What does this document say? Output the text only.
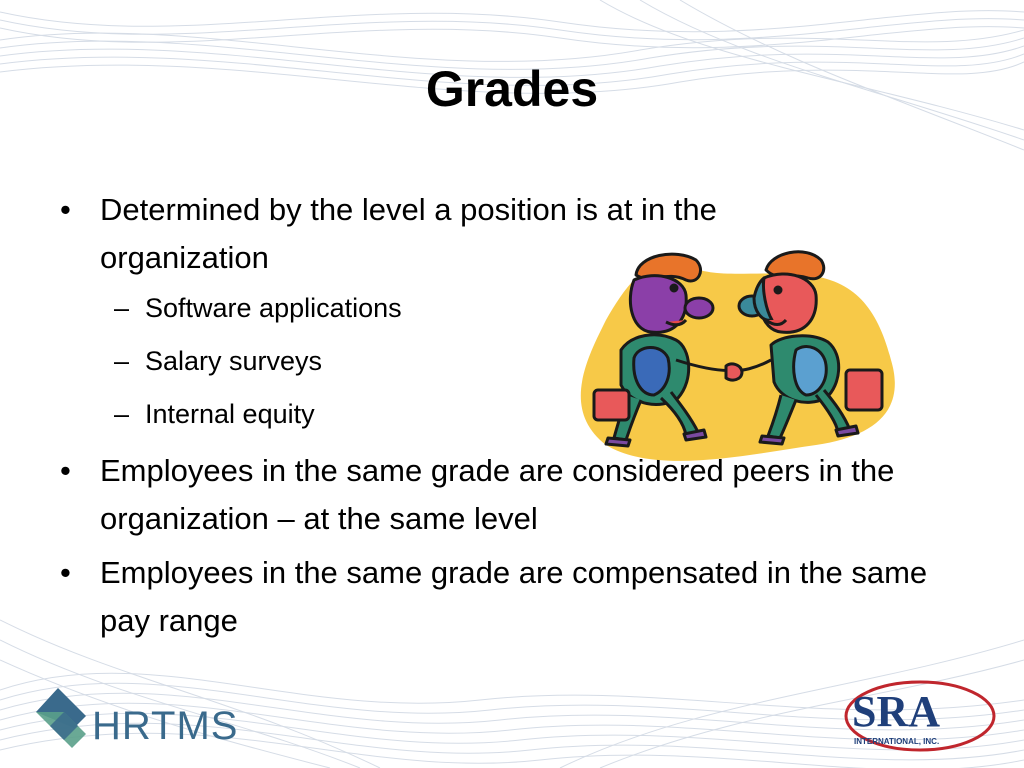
Grades
• Determined by the level a position is at in the organization
– Software applications
– Salary surveys
– Internal equity
• Employees in the same grade are considered peers in the organization – at the same level
• Employees in the same grade are compensated in the same pay range
HRTMS	SRA
INTERNATIONAL, INC.
